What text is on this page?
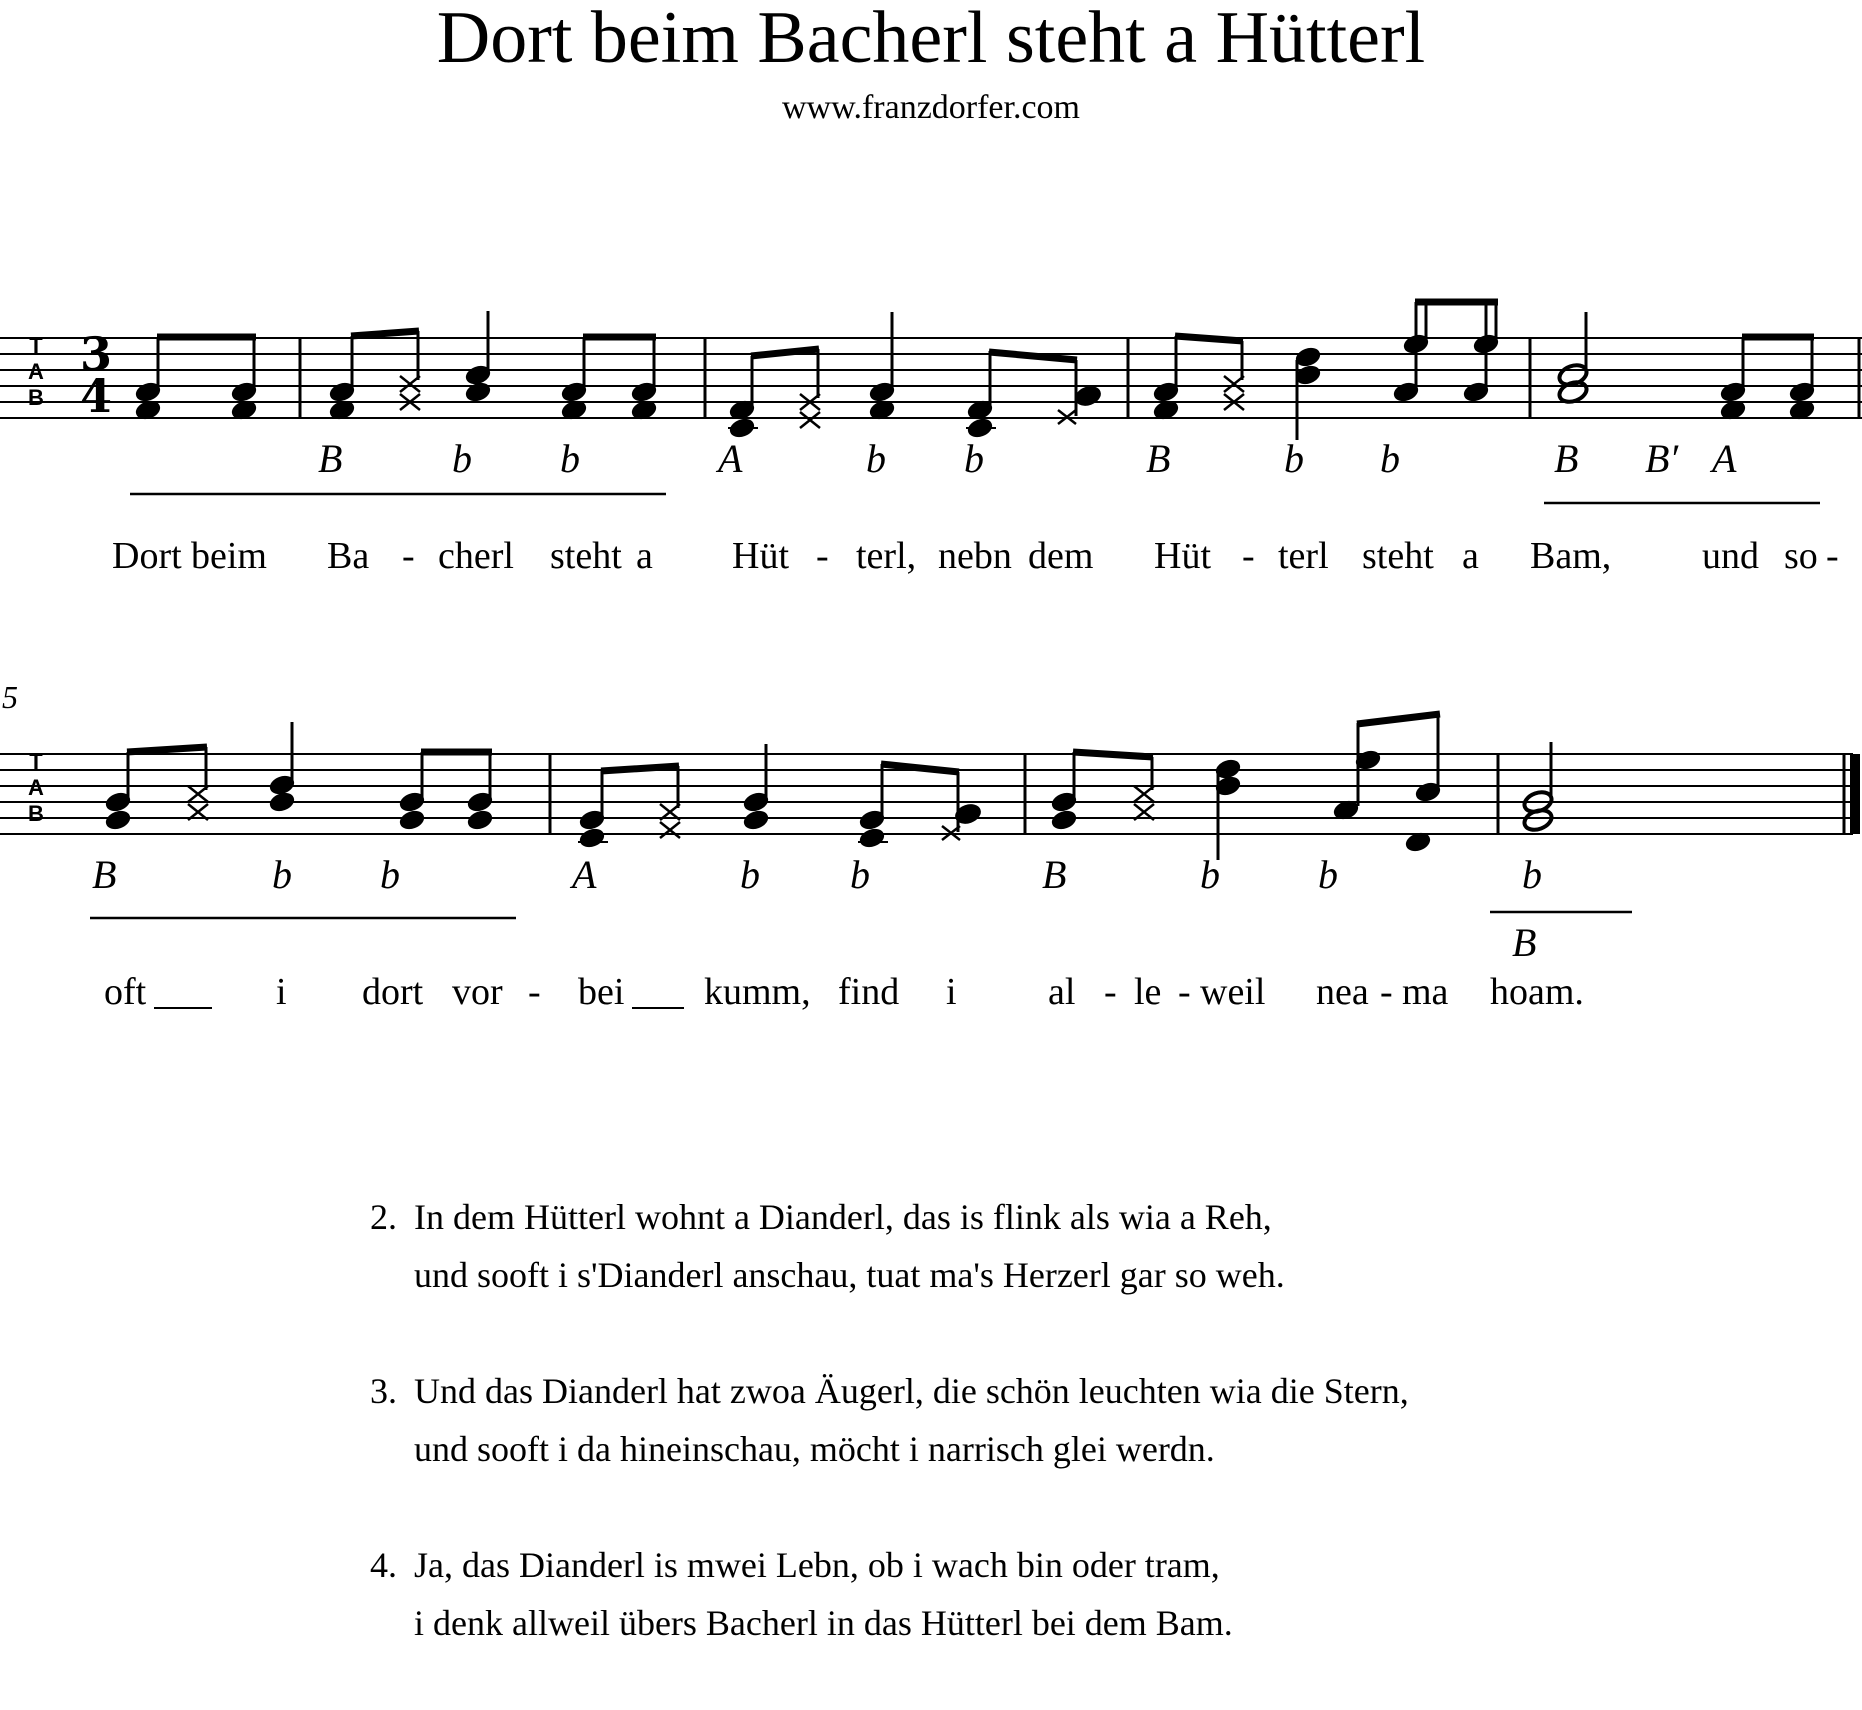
Dort beim Bacherl steht a Hütterl
www.franzdorfer.com
T
A
B
3
4
B	b b	A	b b	B	b b	B B′ A
Dort beim Ba - cherl steht a Hüt - terl, nebn dem Hüt - terl steht a Bam, und so -
5
T
A
B
B	b b	A	b b	B	b b	b
B
oft	i dort vor - bei kumm, find i al - le - weil nea - ma hoam.
2. In dem Hütterl wohnt a Dianderl, das is flink als wia a Reh,
und sooft i s'Dianderl anschau, tuat ma's Herzerl gar so weh.
3. Und das Dianderl hat zwoa Äugerl, die schön leuchten wia die Stern,
und sooft i da hineinschau, möcht i narrisch glei werdn.
4. Ja, das Dianderl is mwei Lebn, ob i wach bin oder tram,
i denk allweil übers Bacherl in das Hütterl bei dem Bam.
